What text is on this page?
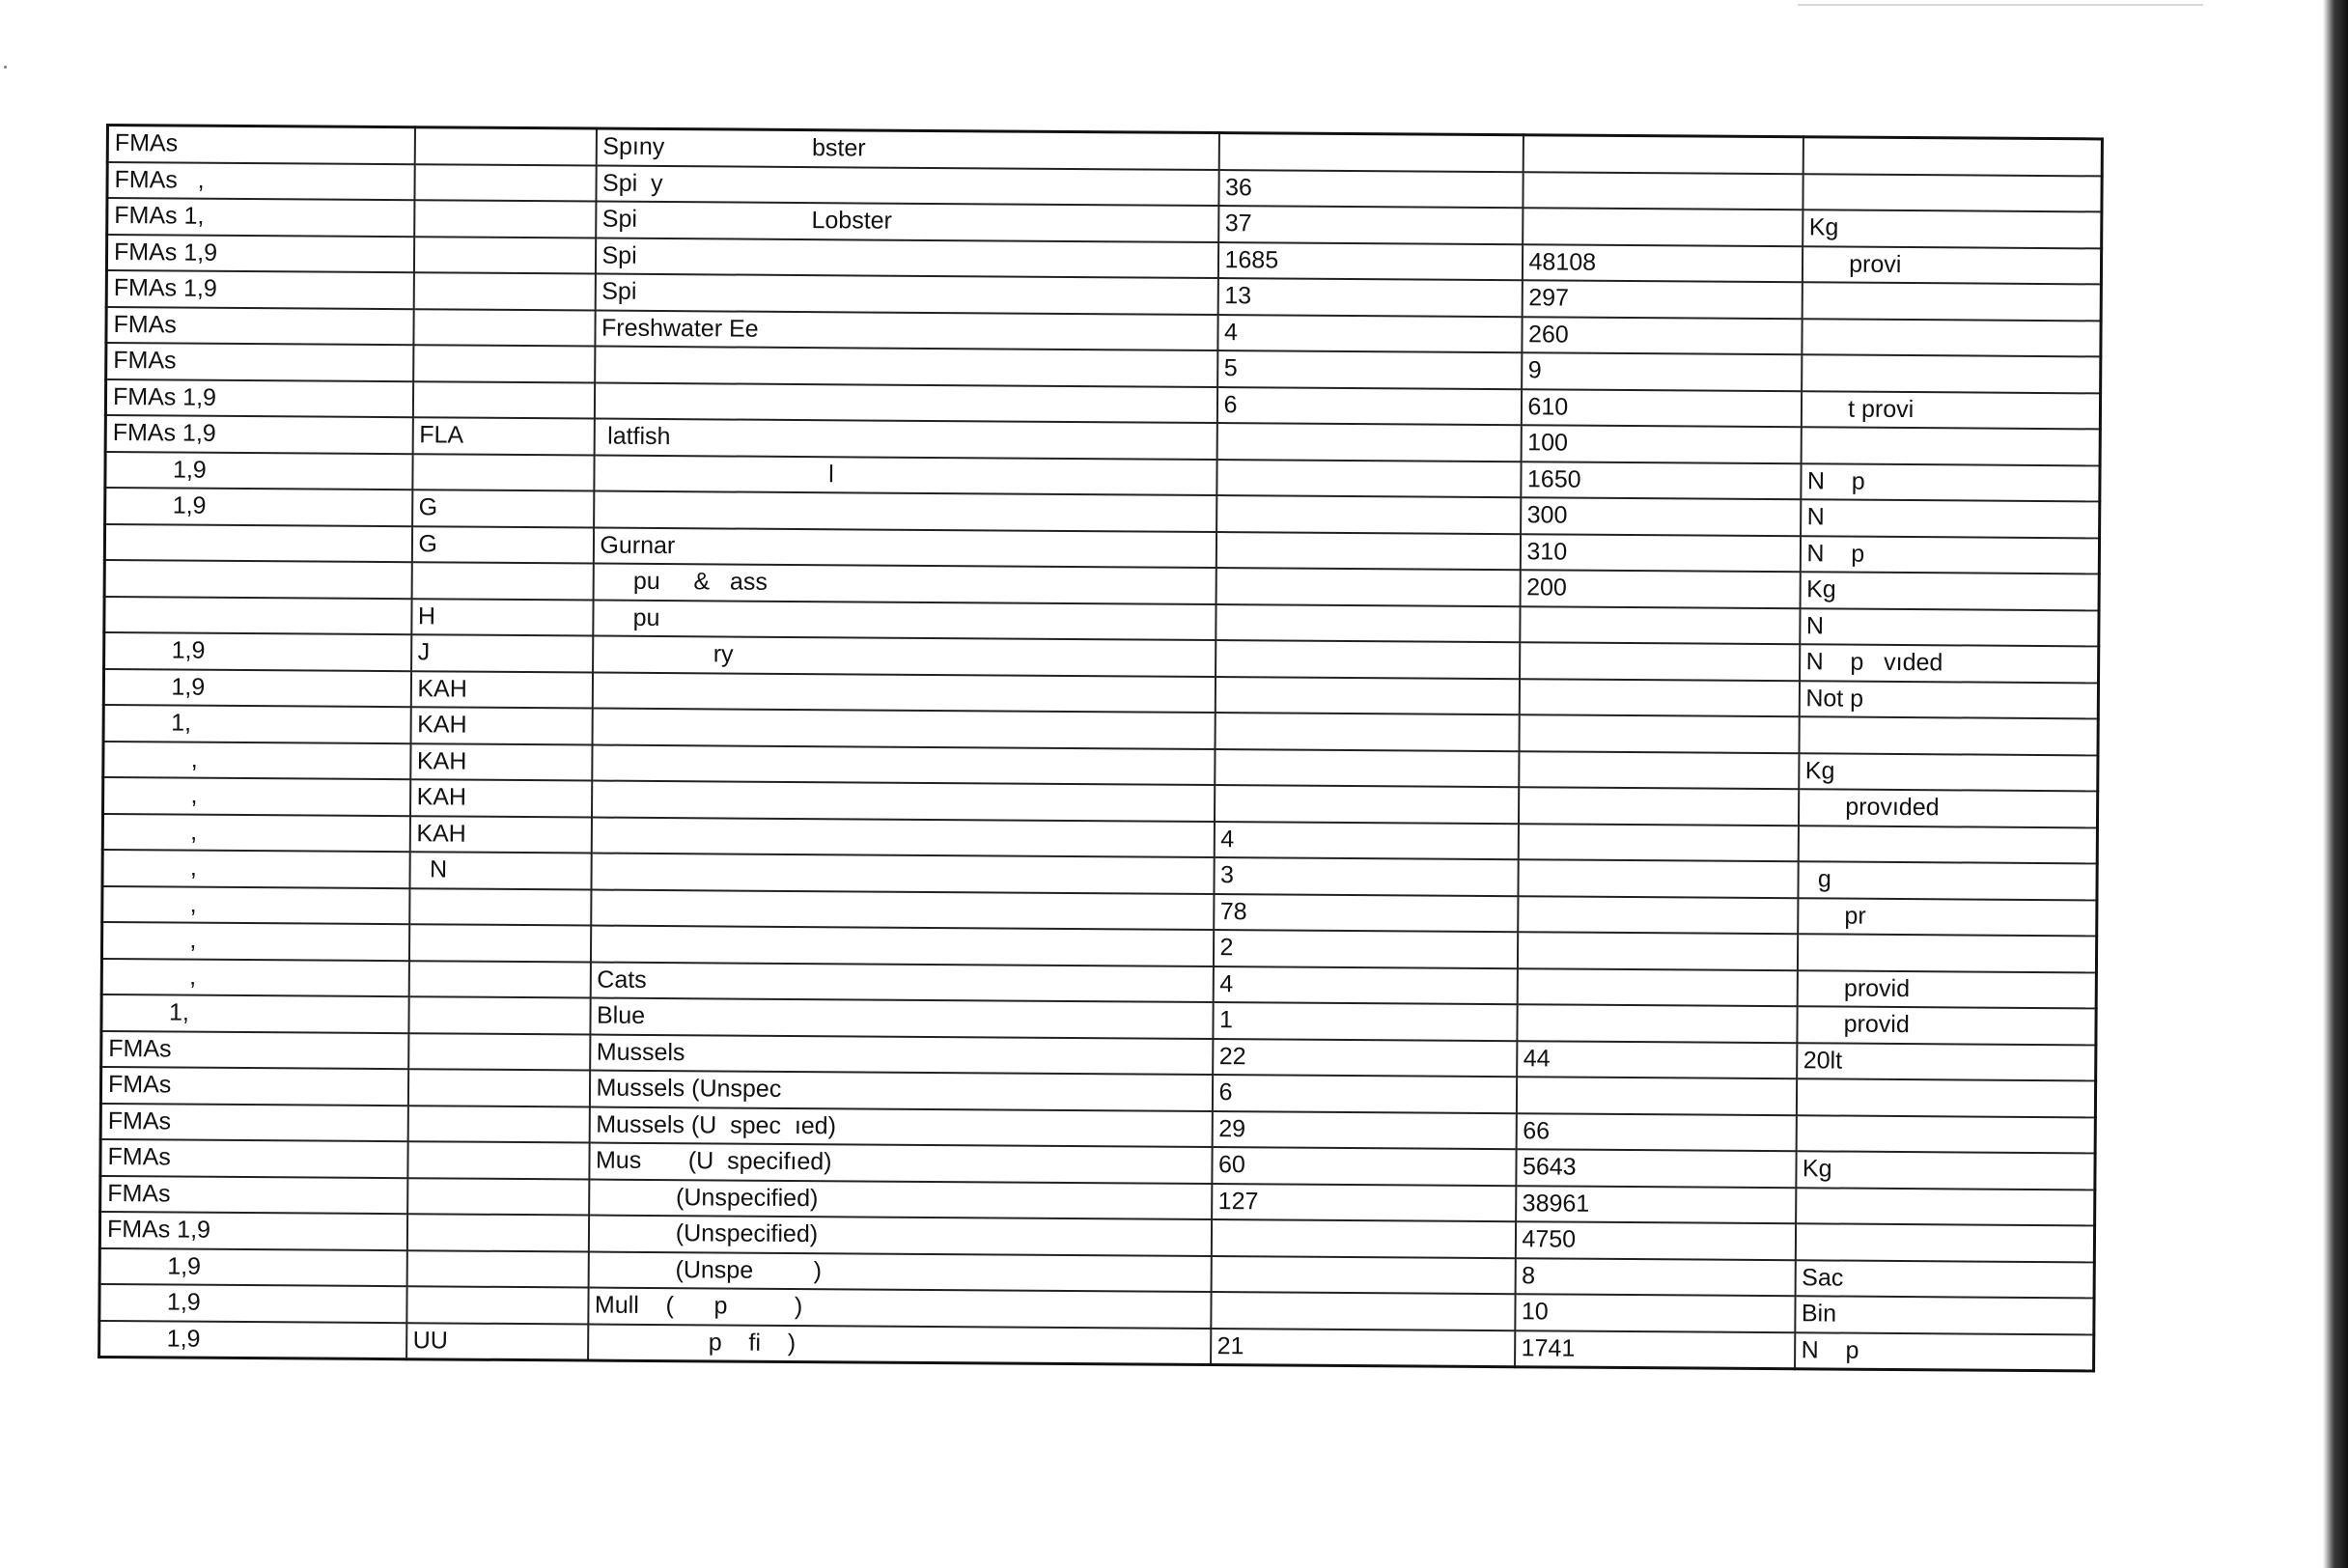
FMAs		Spıny                      bster			
FMAs   ,		Spi  y	36		
FMAs 1,		Spi                          Lobster	37		Kg
FMAs 1,9		Spi	1685	48108	provi
FMAs 1,9		Spi	13	297	
FMAs		Freshwater Ee	4	260	
FMAs			5	9	
FMAs 1,9			6	610	t provi
FMAs 1,9	FLA	latfish		100	
1,9		l		1650	N    p
1,9	G			300	N
	G	Gurnar		310	N    p
		pu     &   ass		200	Kg
	H	pu			N
1,9	J	ry			N    p   vıded
1,9	KAH				Not p
1,	KAH				
,	KAH				Kg
,	KAH				provıded
,	KAH		4		
,	N		3		g
,			78		pr
,			2		
,		Cats	4		provid
1,		Blue	1		provid
FMAs		Mussels	22	44	20lt
FMAs		Mussels (Unspec	6		
FMAs		Mussels (U  spec  ıed)	29	66	
FMAs		Mus       (U  specifıed)	60	5643	Kg
FMAs		(Unspecified)	127	38961	
FMAs 1,9		(Unspecified)		4750	
1,9		(Unspe         )		8	Sac
1,9		Mull    (      p          )		10	Bin
1,9	UU	p    fi    )	21	1741	N    p
